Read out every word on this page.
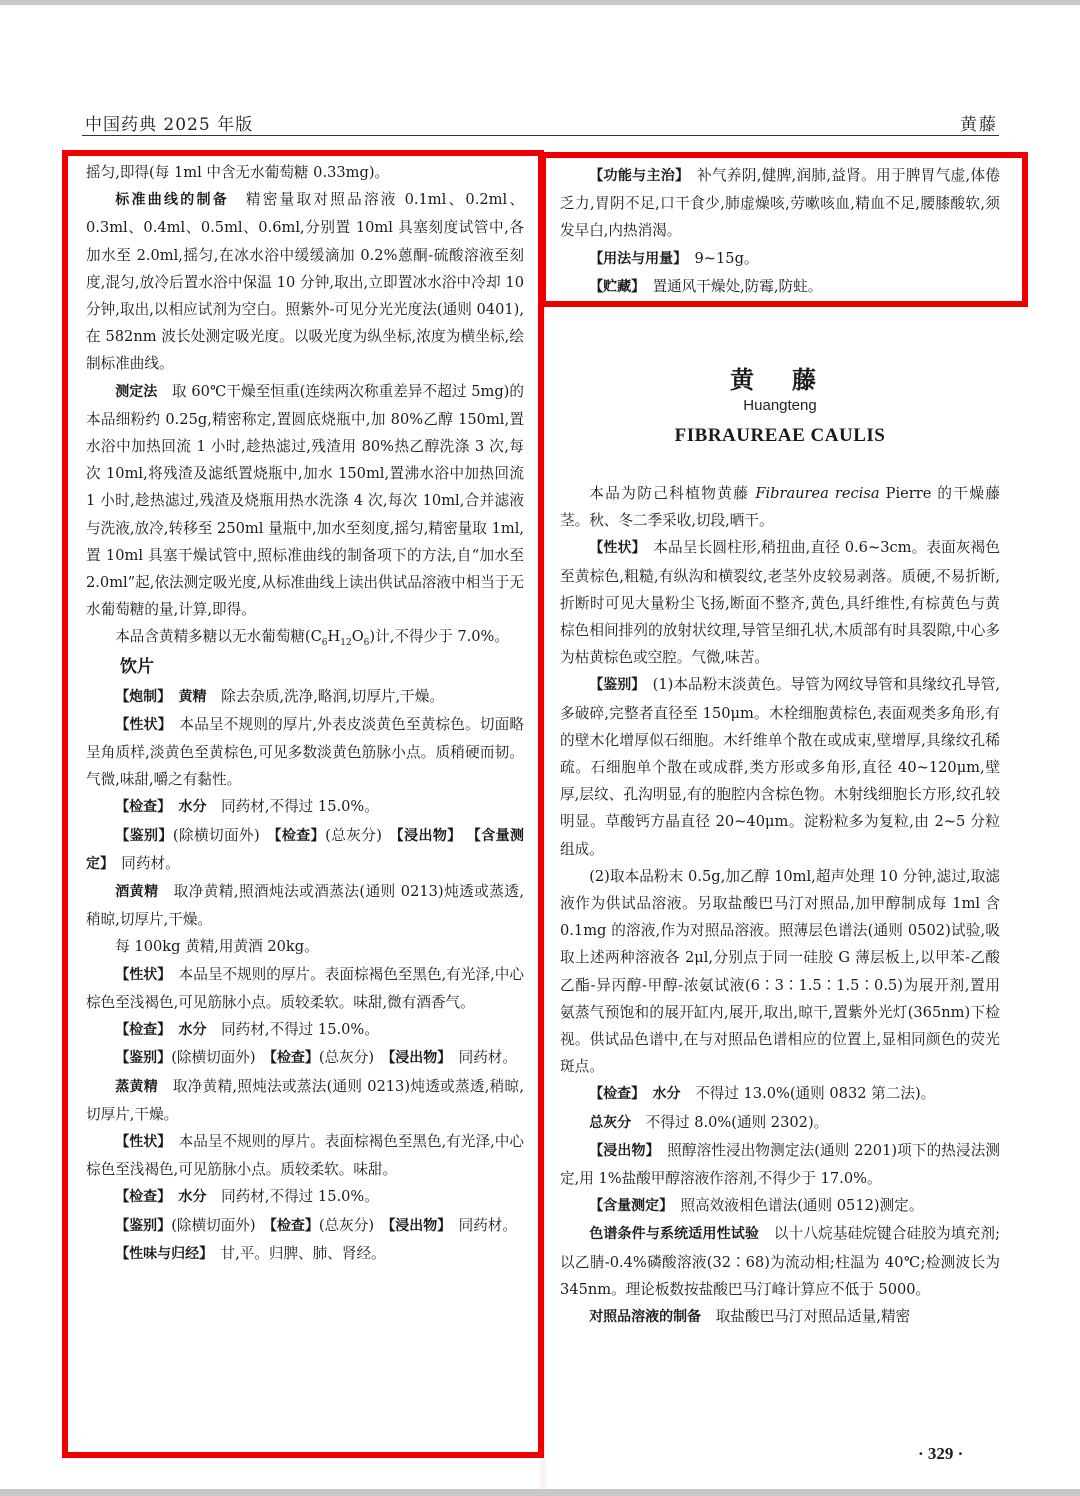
中国药典 2025 年版	黄藤

摇匀,即得(每 1ml 中含无水葡萄糖 0.33mg)。

标准曲线的制备  精密量取对照品溶液 0.1ml、0.2ml、0.3ml、0.4ml、0.5ml、0.6ml,分别置 10ml 具塞刻度试管中,各加水至 2.0ml,摇匀,在冰水浴中缓缓滴加 0.2%蒽酮-硫酸溶液至刻度,混匀,放冷后置水浴中保温 10 分钟,取出,立即置冰水浴中冷却 10 分钟,取出,以相应试剂为空白。照紫外-可见分光光度法(通则 0401),在 582nm 波长处测定吸光度。以吸光度为纵坐标,浓度为横坐标,绘制标准曲线。

测定法  取 60℃干燥至恒重(连续两次称重差异不超过 5mg)的本品细粉约 0.25g,精密称定,置圆底烧瓶中,加 80%乙醇 150ml,置水浴中加热回流 1 小时,趁热滤过,残渣用 80%热乙醇洗涤 3 次,每次 10ml,将残渣及滤纸置烧瓶中,加水 150ml,置沸水浴中加热回流 1 小时,趁热滤过,残渣及烧瓶用热水洗涤 4 次,每次 10ml,合并滤液与洗液,放冷,转移至 250ml 量瓶中,加水至刻度,摇匀,精密量取 1ml,置 10ml 具塞干燥试管中,照标准曲线的制备项下的方法,自“加水至 2.0ml”起,依法测定吸光度,从标准曲线上读出供试品溶液中相当于无水葡萄糖的量,计算,即得。

本品含黄精多糖以无水葡萄糖$(C_6H_{12}O_6)$计,不得少于 7.0%。

饮片

【炮制】  黄精  除去杂质,洗净,略润,切厚片,干燥。

【性状】  本品呈不规则的厚片,外表皮淡黄色至黄棕色。切面略呈角质样,淡黄色至黄棕色,可见多数淡黄色筋脉小点。质稍硬而韧。气微,味甜,嚼之有黏性。

【检查】  水分  同药材,不得过 15.0%。

【鉴别】(除横切面外)  【检查】(总灰分)  【浸出物】 【含量测定】  同药材。

酒黄精  取净黄精,照酒炖法或酒蒸法(通则 0213)炖透或蒸透,稍晾,切厚片,干燥。

每 100kg 黄精,用黄酒 20kg。

【性状】  本品呈不规则的厚片。表面棕褐色至黑色,有光泽,中心棕色至浅褐色,可见筋脉小点。质较柔软。味甜,微有酒香气。

【检查】  水分  同药材,不得过 15.0%。

【鉴别】(除横切面外)  【检查】(总灰分)  【浸出物】  同药材。

蒸黄精  取净黄精,照炖法或蒸法(通则 0213)炖透或蒸透,稍晾,切厚片,干燥。

【性状】  本品呈不规则的厚片。表面棕褐色至黑色,有光泽,中心棕色至浅褐色,可见筋脉小点。质较柔软。味甜。

【检查】  水分  同药材,不得过 15.0%。

【鉴别】(除横切面外)  【检查】(总灰分)  【浸出物】  同药材。

【性味与归经】  甘,平。归脾、肺、肾经。

【功能与主治】  补气养阴,健脾,润肺,益肾。用于脾胃气虚,体倦乏力,胃阴不足,口干食少,肺虚燥咳,劳嗽咳血,精血不足,腰膝酸软,须发早白,内热消渴。

【用法与用量】  9~15g。

【贮藏】  置通风干燥处,防霉,防蛀。

黄藤
Huangteng
FIBRAUREAE CAULIS

本品为防己科植物黄藤 Fibraurea recisa Pierre 的干燥藤茎。秋、冬二季采收,切段,晒干。

【性状】  本品呈长圆柱形,稍扭曲,直径 0.6~3cm。表面灰褐色至黄棕色,粗糙,有纵沟和横裂纹,老茎外皮较易剥落。质硬,不易折断,折断时可见大量粉尘飞扬,断面不整齐,黄色,具纤维性,有棕黄色与黄棕色相间排列的放射状纹理,导管呈细孔状,木质部有时具裂隙,中心多为枯黄棕色或空腔。气微,味苦。

【鉴别】  (1)本品粉末淡黄色。导管为网纹导管和具缘纹孔导管,多破碎,完整者直径至 150μm。木栓细胞黄棕色,表面观类多角形,有的壁木化增厚似石细胞。木纤维单个散在或成束,壁增厚,具缘纹孔稀疏。石细胞单个散在或成群,类方形或多角形,直径 40~120μm,壁厚,层纹、孔沟明显,有的胞腔内含棕色物。木射线细胞长方形,纹孔较明显。草酸钙方晶直径 20~40μm。淀粉粒多为复粒,由 2~5 分粒组成。

(2)取本品粉末 0.5g,加乙醇 10ml,超声处理 10 分钟,滤过,取滤液作为供试品溶液。另取盐酸巴马汀对照品,加甲醇制成每 1ml 含 0.1mg 的溶液,作为对照品溶液。照薄层色谱法(通则 0502)试验,吸取上述两种溶液各 2μl,分别点于同一硅胶 G 薄层板上,以甲苯-乙酸乙酯-异丙醇-甲醇-浓氨试液(6∶3∶1.5∶1.5∶0.5)为展开剂,置用氨蒸气预饱和的展开缸内,展开,取出,晾干,置紫外光灯(365nm)下检视。供试品色谱中,在与对照品色谱相应的位置上,显相同颜色的荧光斑点。

【检查】  水分  不得过 13.0%(通则 0832 第二法)。

总灰分  不得过 8.0%(通则 2302)。

【浸出物】  照醇溶性浸出物测定法(通则 2201)项下的热浸法测定,用 1%盐酸甲醇溶液作溶剂,不得少于 17.0%。

【含量测定】  照高效液相色谱法(通则 0512)测定。

色谱条件与系统适用性试验  以十八烷基硅烷键合硅胶为填充剂;以乙腈-0.4%磷酸溶液(32∶68)为流动相;柱温为 40℃;检测波长为 345nm。理论板数按盐酸巴马汀峰计算应不低于 5000。

对照品溶液的制备  取盐酸巴马汀对照品适量,精密

· 329 ·
